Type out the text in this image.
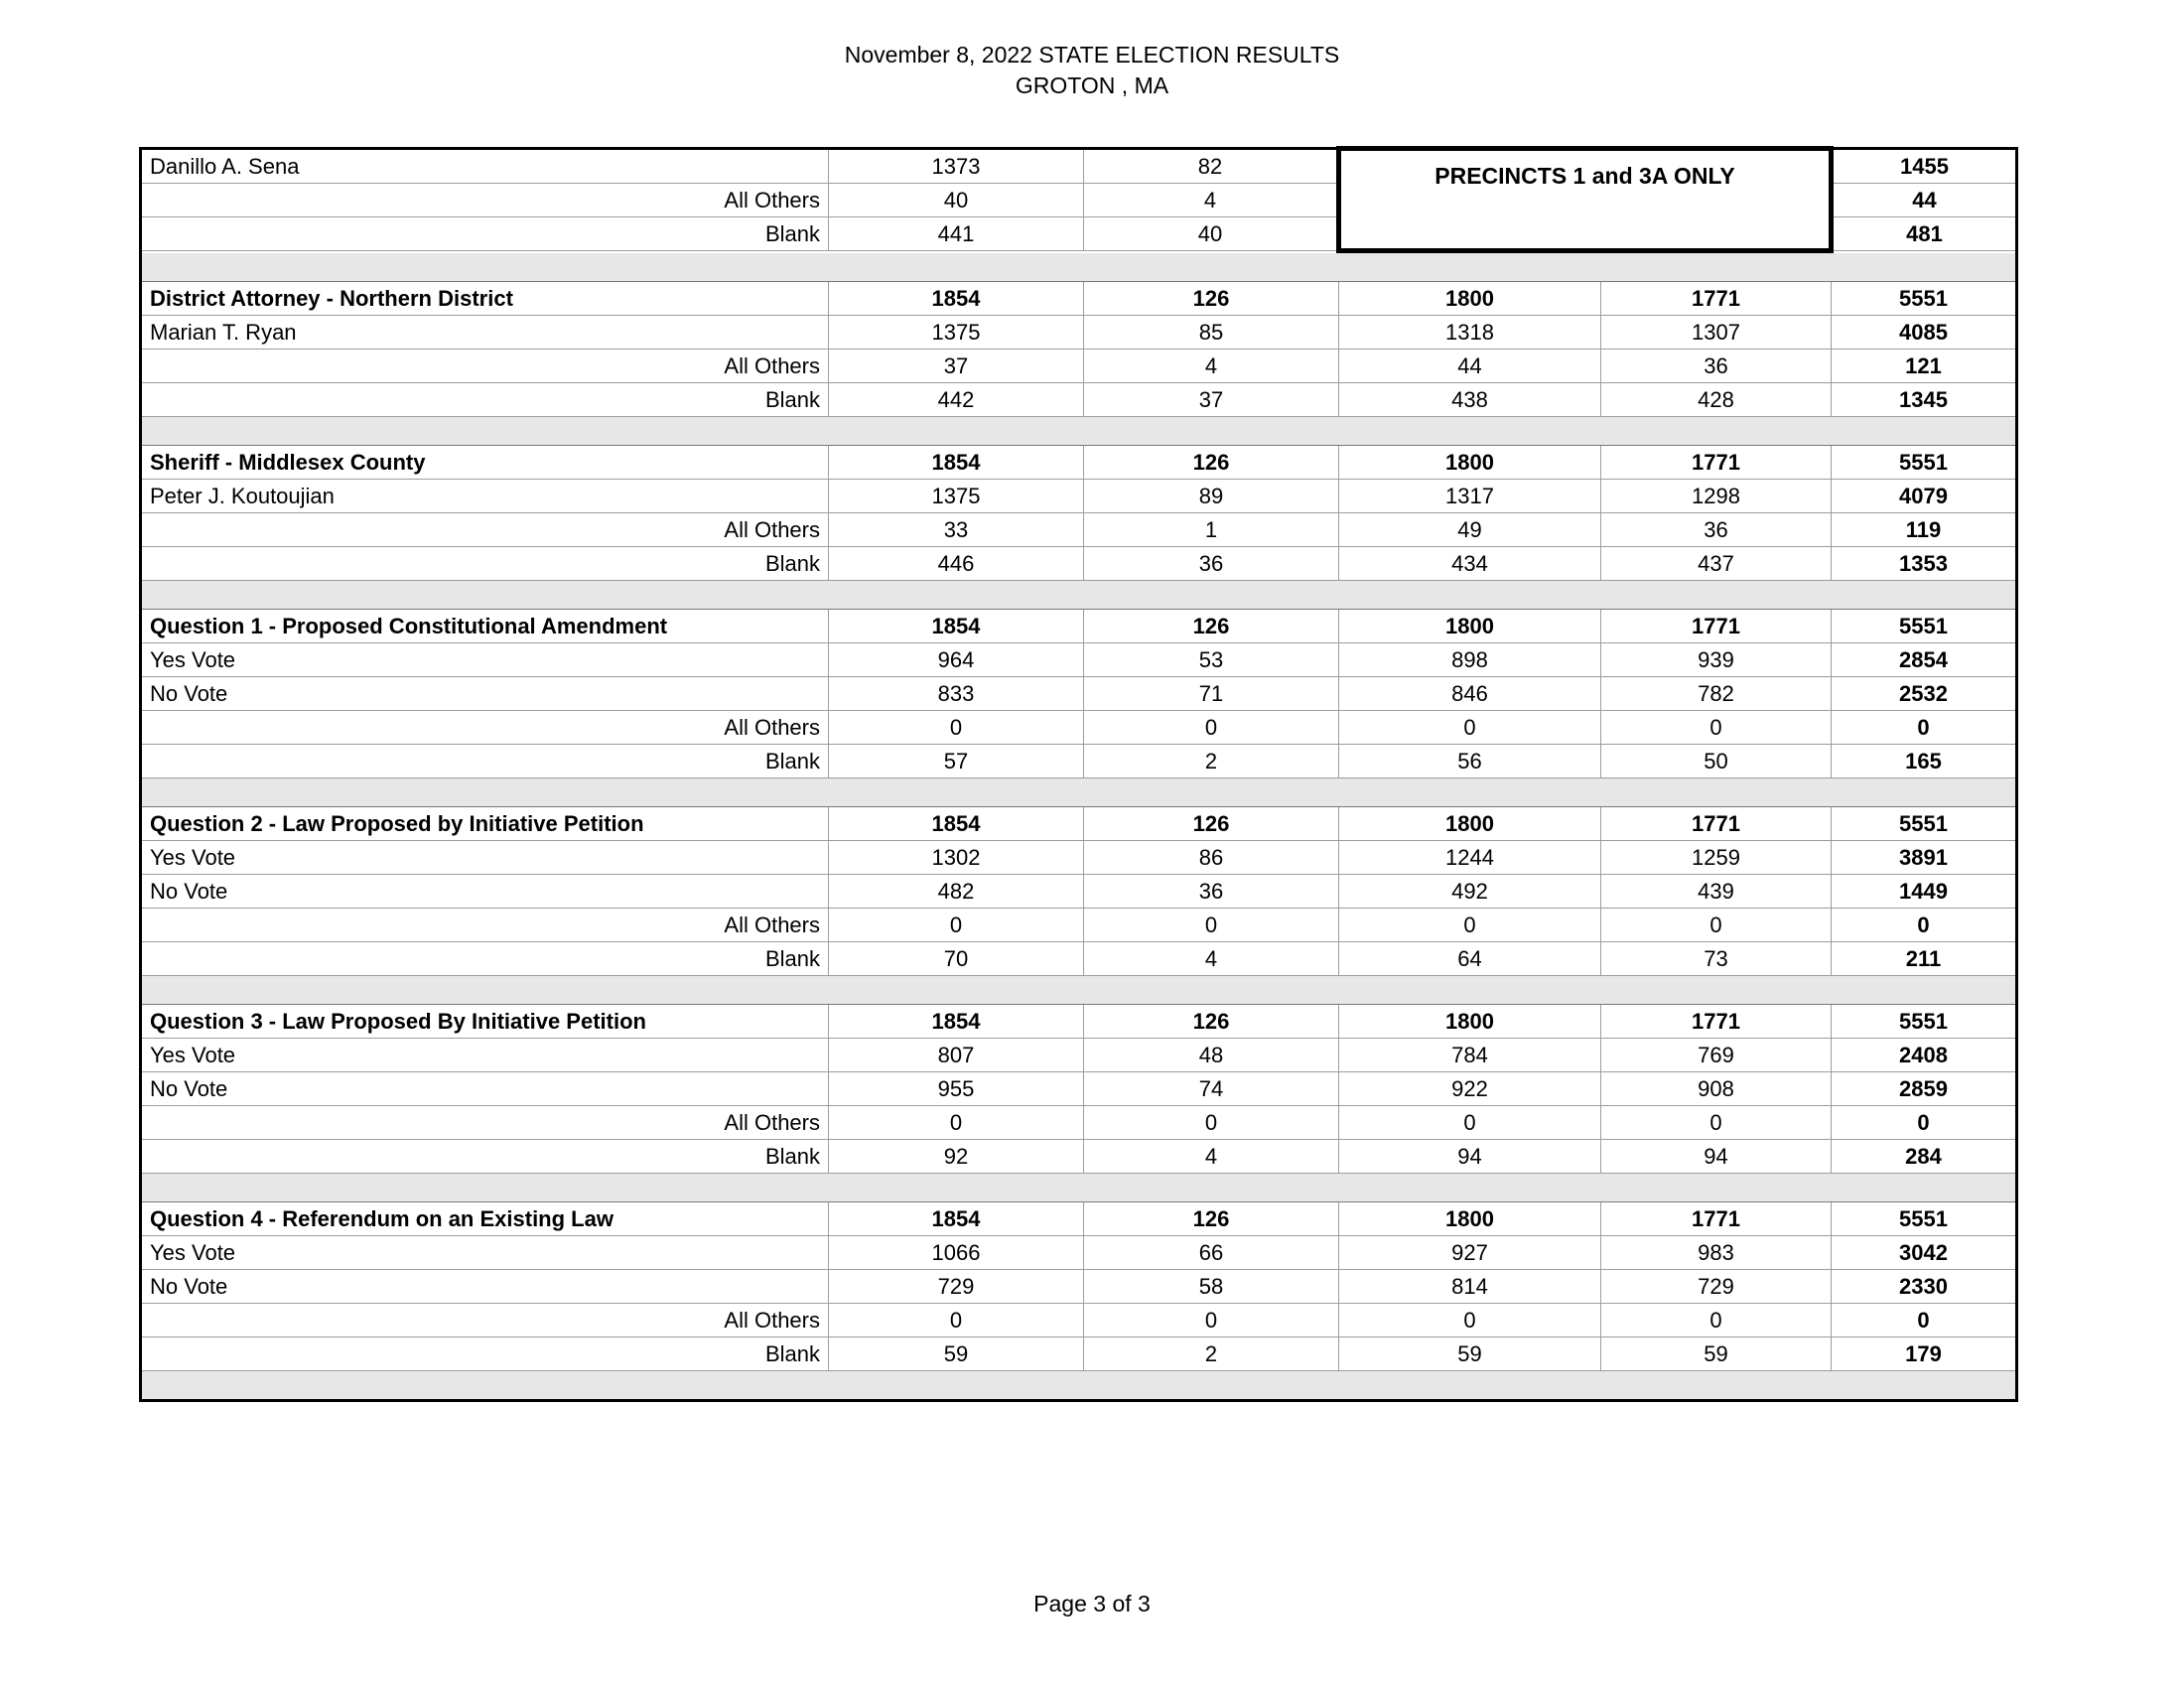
November 8, 2022 STATE ELECTION RESULTS
GROTON , MA
Danillo A. Sena	1373	82	PRECINCTS 1 and 3A ONLY		1455
All Others	40	4			44
Blank	441	40			481

District Attorney - Northern District	1854	126	1800	1771	5551
Marian T. Ryan	1375	85	1318	1307	4085
All Others	37	4	44	36	121
Blank	442	37	438	428	1345

Sheriff - Middlesex County	1854	126	1800	1771	5551
Peter J. Koutoujian	1375	89	1317	1298	4079
All Others	33	1	49	36	119
Blank	446	36	434	437	1353

Question 1 - Proposed Constitutional Amendment	1854	126	1800	1771	5551
Yes Vote	964	53	898	939	2854
No Vote	833	71	846	782	2532
All Others	0	0	0	0	0
Blank	57	2	56	50	165

Question 2 - Law Proposed by Initiative Petition	1854	126	1800	1771	5551
Yes Vote	1302	86	1244	1259	3891
No Vote	482	36	492	439	1449
All Others	0	0	0	0	0
Blank	70	4	64	73	211

Question 3 - Law Proposed By Initiative Petition	1854	126	1800	1771	5551
Yes Vote	807	48	784	769	2408
No Vote	955	74	922	908	2859
All Others	0	0	0	0	0
Blank	92	4	94	94	284

Question 4 - Referendum on an Existing Law	1854	126	1800	1771	5551
Yes Vote	1066	66	927	983	3042
No Vote	729	58	814	729	2330
All Others	0	0	0	0	0
Blank	59	2	59	59	179

Page 3 of 3
